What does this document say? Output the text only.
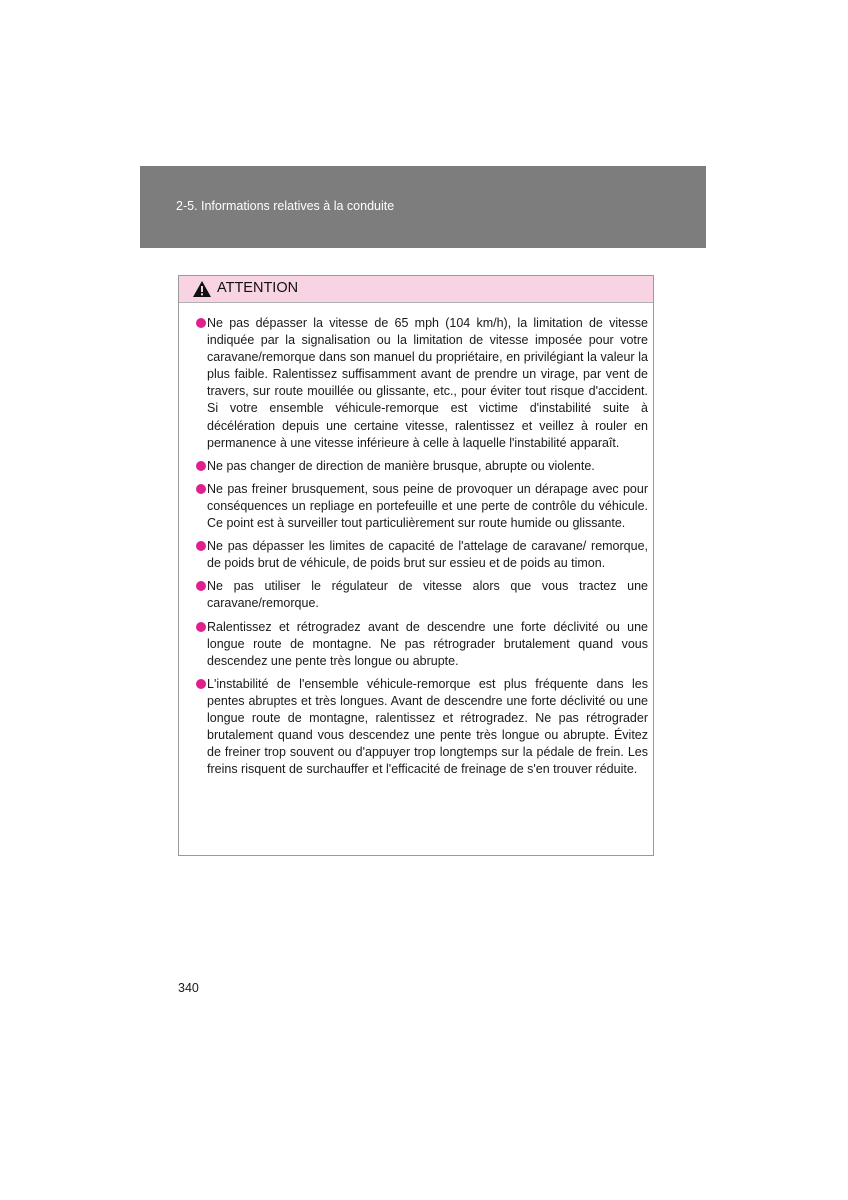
2-5. Informations relatives à la conduite
ATTENTION
Ne pas dépasser la vitesse de 65 mph (104 km/h), la limitation de vitesse indiquée par la signalisation ou la limitation de vitesse imposée pour votre caravane/remorque dans son manuel du propriétaire, en privilégiant la valeur la plus faible. Ralentissez suffisamment avant de prendre un virage, par vent de travers, sur route mouillée ou glissante, etc., pour éviter tout risque d'accident. Si votre ensemble véhicule-remorque est victime d'instabilité suite à décélération depuis une certaine vitesse, ralentissez et veillez à rouler en permanence à une vitesse inférieure à celle à laquelle l'instabilité apparaît.
Ne pas changer de direction de manière brusque, abrupte ou violente.
Ne pas freiner brusquement, sous peine de provoquer un dérapage avec pour conséquences un repliage en portefeuille et une perte de contrôle du véhicule. Ce point est à surveiller tout particulièrement sur route humide ou glissante.
Ne pas dépasser les limites de capacité de l'attelage de caravane/ remorque, de poids brut de véhicule, de poids brut sur essieu et de poids au timon.
Ne pas utiliser le régulateur de vitesse alors que vous tractez une caravane/remorque.
Ralentissez et rétrogradez avant de descendre une forte déclivité ou une longue route de montagne. Ne pas rétrograder brutalement quand vous descendez une pente très longue ou abrupte.
L'instabilité de l'ensemble véhicule-remorque est plus fréquente dans les pentes abruptes et très longues. Avant de descendre une forte déclivité ou une longue route de montagne, ralentissez et rétrogradez. Ne pas rétrograder brutalement quand vous descendez une pente très longue ou abrupte. Évitez de freiner trop souvent ou d'appuyer trop longtemps sur la pédale de frein. Les freins risquent de surchauffer et l'efficacité de freinage de s'en trouver réduite.
340
